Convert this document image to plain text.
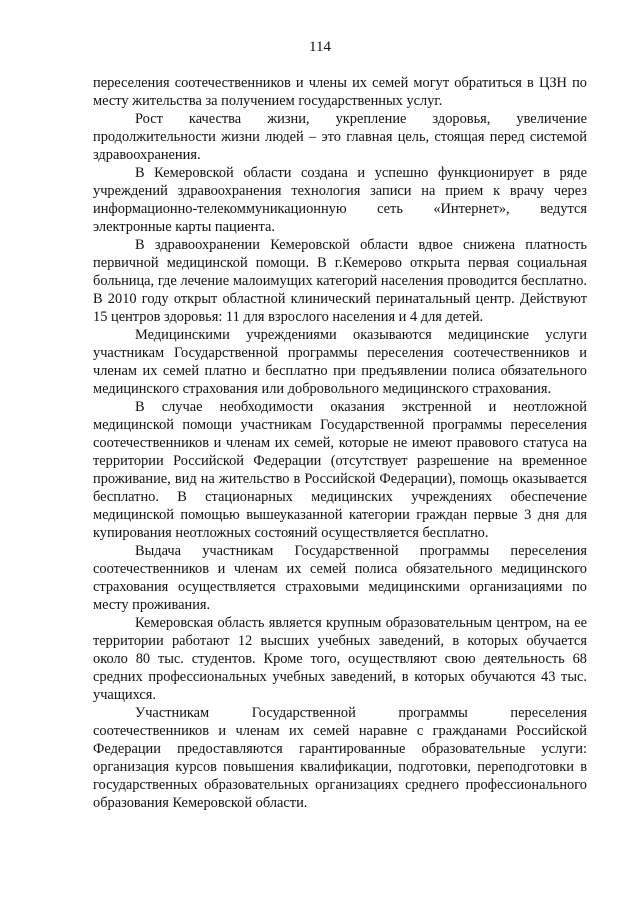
114

переселения соотечественников и члены их семей могут обратиться в ЦЗН по месту жительства за получением государственных услуг.

Рост качества жизни, укрепление здоровья, увеличение продолжительности жизни людей – это главная цель, стоящая перед системой здравоохранения.

В Кемеровской области создана и успешно функционирует в ряде учреждений здравоохранения технология записи на прием к врачу через информационно-телекоммуникационную сеть «Интернет», ведутся электронные карты пациента.

В здравоохранении Кемеровской области вдвое снижена платность первичной медицинской помощи. В г.Кемерово открыта первая социальная больница, где лечение малоимущих категорий населения проводится бесплатно. В 2010 году открыт областной клинический перинатальный центр. Действуют 15 центров здоровья: 11 для взрослого населения и 4 для детей.

Медицинскими учреждениями оказываются медицинские услуги участникам Государственной программы переселения соотечественников и членам их семей платно и бесплатно при предъявлении полиса обязательного медицинского страхования или добровольного медицинского страхования.

В случае необходимости оказания экстренной и неотложной медицинской помощи участникам Государственной программы переселения соотечественников и членам их семей, которые не имеют правового статуса на территории Российской Федерации (отсутствует разрешение на временное проживание, вид на жительство в Российской Федерации), помощь оказывается бесплатно. В стационарных медицинских учреждениях обеспечение медицинской помощью вышеуказанной категории граждан первые 3 дня для купирования неотложных состояний осуществляется бесплатно.

Выдача участникам Государственной программы переселения соотечественников и членам их семей полиса обязательного медицинского страхования осуществляется страховыми медицинскими организациями по месту проживания.

Кемеровская область является крупным образовательным центром, на ее территории работают 12 высших учебных заведений, в которых обучается около 80 тыс. студентов. Кроме того, осуществляют свою деятельность 68 средних профессиональных учебных заведений, в которых обучаются 43 тыс. учащихся.

Участникам Государственной программы переселения соотечественников и членам их семей наравне с гражданами Российской Федерации предоставляются гарантированные образовательные услуги: организация курсов повышения квалификации, подготовки, переподготовки в государственных образовательных организациях среднего профессионального образования Кемеровской области.
